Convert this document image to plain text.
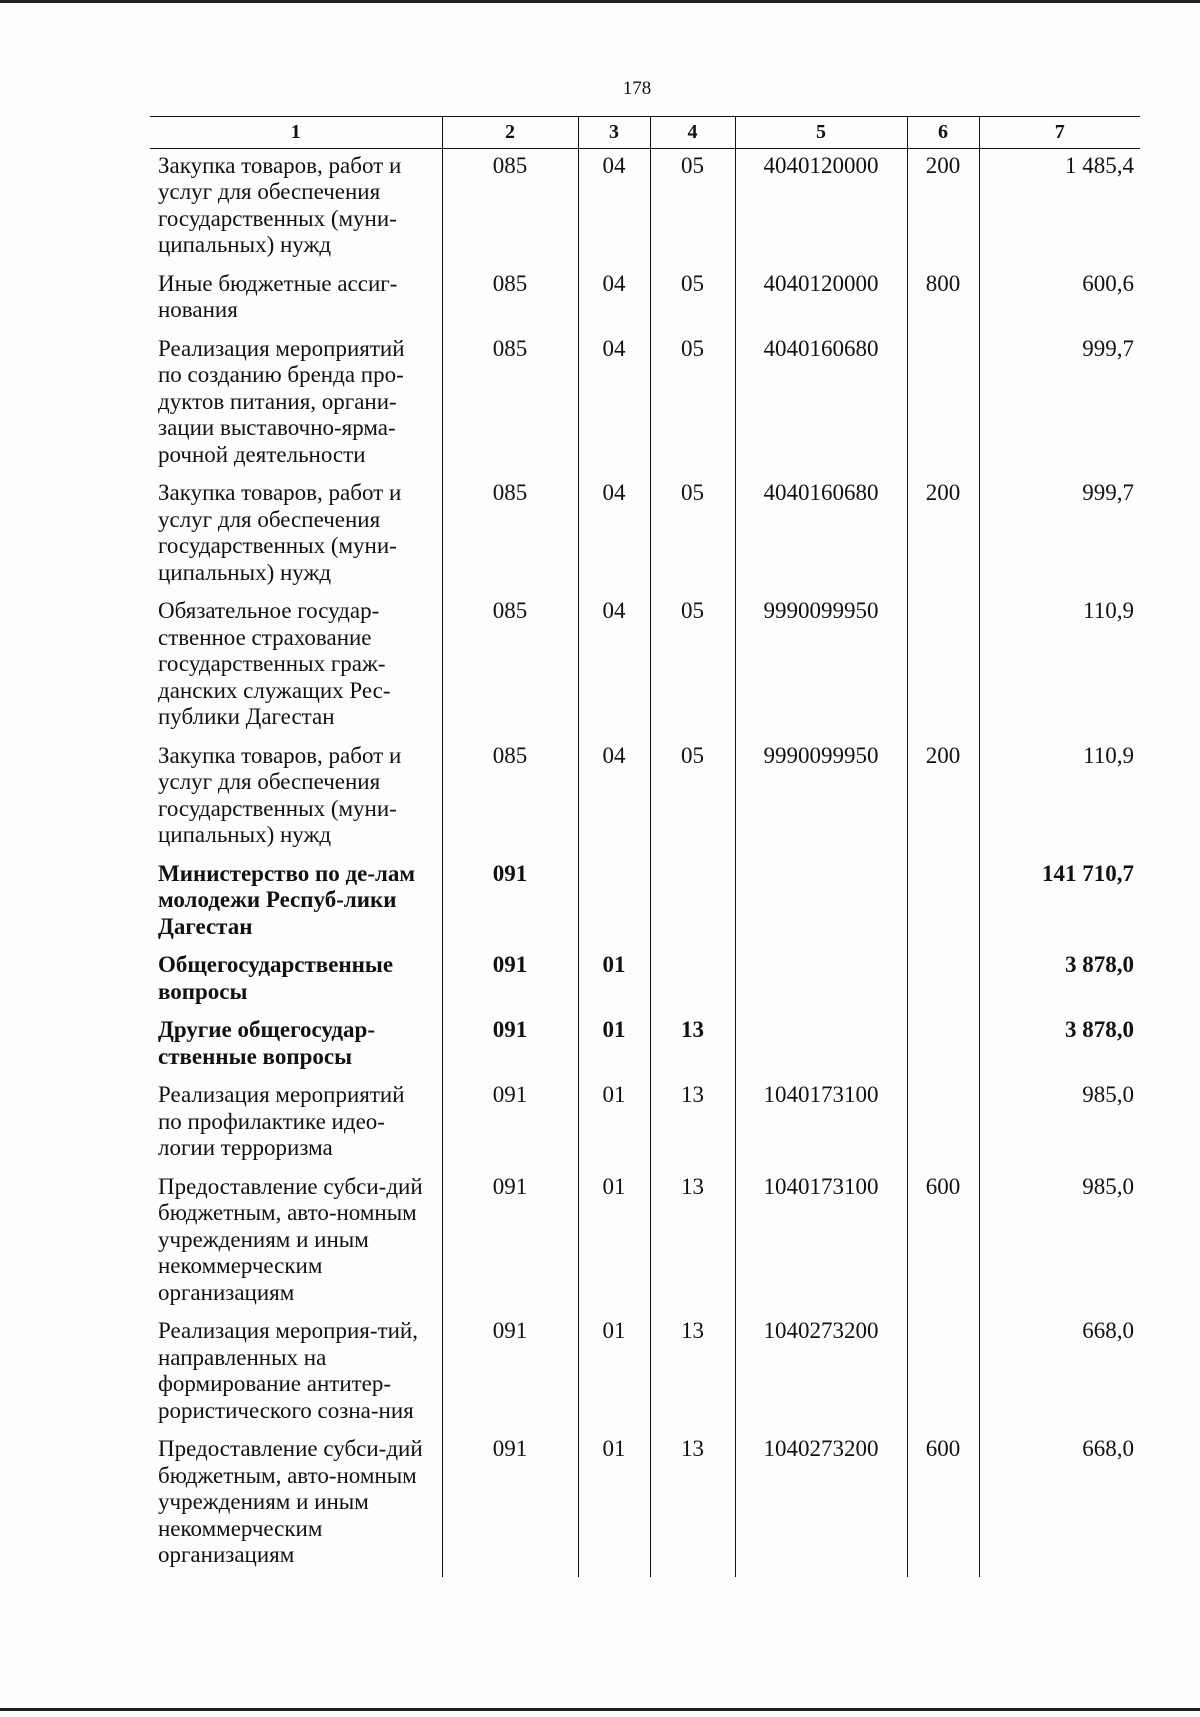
178
1	2	3	4	5	6	7
Закупка товаров, работ и услуг для обеспечения государственных (муни-ципальных) нужд	085	04	05	4040120000	200	1 485,4
Иные бюджетные ассиг-нования	085	04	05	4040120000	800	600,6
Реализация мероприятий по созданию бренда про-дуктов питания, органи-зации выставочно-ярма-рочной деятельности	085	04	05	4040160680		999,7
Закупка товаров, работ и услуг для обеспечения государственных (муни-ципальных) нужд	085	04	05	4040160680	200	999,7
Обязательное государ-ственное страхование государственных граж-данских служащих Рес-публики Дагестан	085	04	05	9990099950		110,9
Закупка товаров, работ и услуг для обеспечения государственных (муни-ципальных) нужд	085	04	05	9990099950	200	110,9
Министерство по де-лам молодежи Респуб-лики Дагестан	091					141 710,7
Общегосударственные вопросы	091	01				3 878,0
Другие общегосудар-ственные вопросы	091	01	13			3 878,0
Реализация мероприятий по профилактике идео-логии терроризма	091	01	13	1040173100		985,0
Предоставление субси-дий бюджетным, авто-номным учреждениям и иным некоммерческим организациям	091	01	13	1040173100	600	985,0
Реализация мероприя-тий, направленных на формирование антитер-рористического созна-ния	091	01	13	1040273200		668,0
Предоставление субси-дий бюджетным, авто-номным учреждениям и иным некоммерческим организациям	091	01	13	1040273200	600	668,0
